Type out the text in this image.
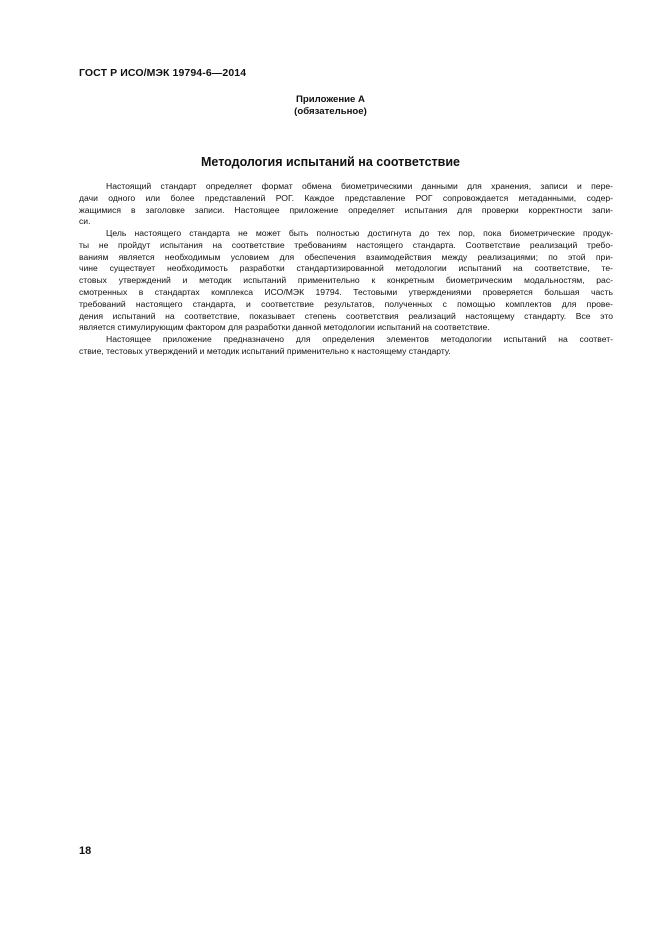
ГОСТ Р ИСО/МЭК 19794-6—2014
Приложение А
(обязательное)
Методология испытаний на соответствие
Настоящий стандарт определяет формат обмена биометрическими данными для хранения, записи и пере-
дачи одного или более представлений РОГ. Каждое представление РОГ сопровождается метаданными, содер-
жащимися в заголовке записи. Настоящее приложение определяет испытания для проверки корректности запи-
си.
Цель настоящего стандарта не может быть полностью достигнута до тех пор, пока биометрические продук-
ты не пройдут испытания на соответствие требованиям настоящего стандарта. Соответствие реализаций требо-
ваниям является необходимым условием для обеспечения взаимодействия между реализациями; по этой при-
чине существует необходимость разработки стандартизированной методологии испытаний на соответствие, те-
стовых утверждений и методик испытаний применительно к конкретным биометрическим модальностям, рас-
смотренных в стандартах комплекса ИСО/МЭК 19794. Тестовыми утверждениями проверяется большая часть
требований настоящего стандарта, и соответствие результатов, полученных с помощью комплектов для прове-
дения испытаний на соответствие, показывает степень соответствия реализаций настоящему стандарту. Все это
является стимулирующим фактором для разработки данной методологии испытаний на соответствие.
Настоящее приложение предназначено для определения элементов методологии испытаний на соответ-
ствие, тестовых утверждений и методик испытаний применительно к настоящему стандарту.
18
